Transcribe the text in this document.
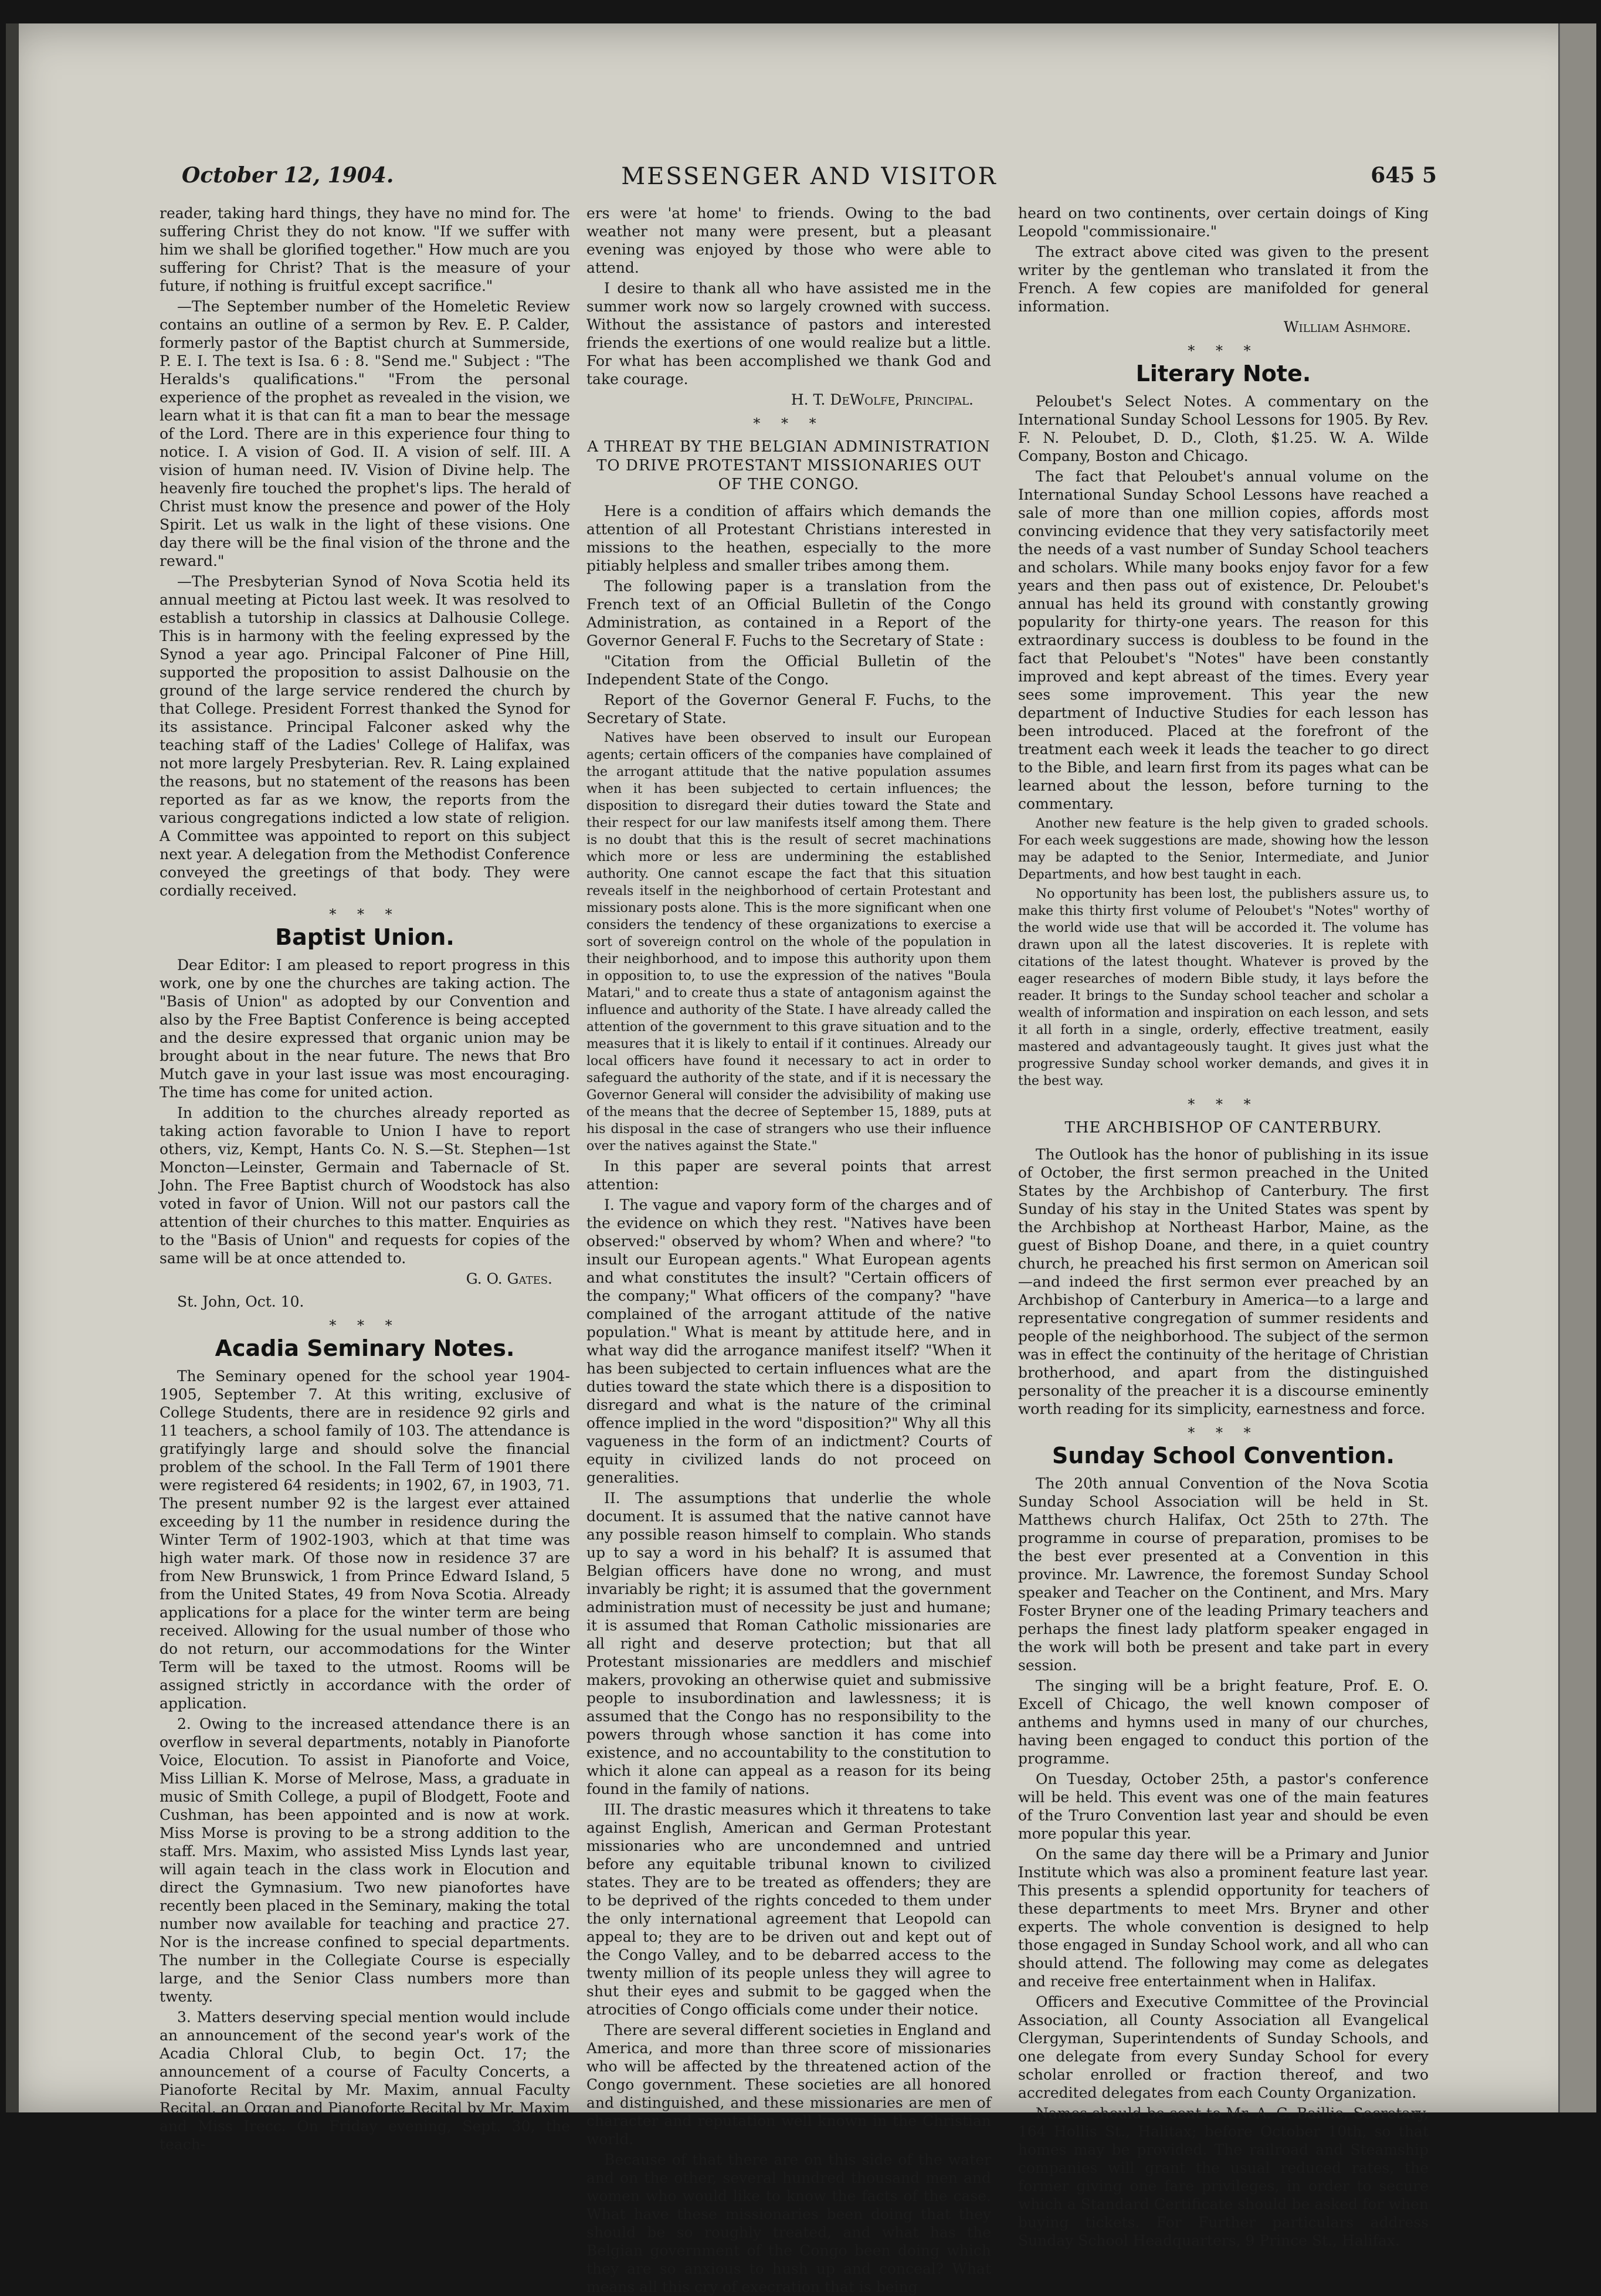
October 12, 1904.	MESSENGER AND VISITOR	645 5

reader, taking hard things, they have no mind for. The suffering Christ they do not know. "If we suffer with him we shall be glorified together." How much are you suffering for Christ? That is the measure of your future, if nothing is fruitful except sacrifice."

—The September number of the Homeletic Review contains an outline of a sermon by Rev. E. P. Calder, formerly pastor of the Baptist church at Summerside, P. E. I. The text is Isa. 6 : 8. "Send me." Subject : "The Heralds's qualifications." "From the personal experience of the prophet as revealed in the vision, we learn what it is that can fit a man to bear the message of the Lord. There are in this experience four thing to notice. I. A vision of God. II. A vision of self. III. A vision of human need. IV. Vision of Divine help. The heavenly fire touched the prophet's lips. The herald of Christ must know the presence and power of the Holy Spirit. Let us walk in the light of these visions. One day there will be the final vision of the throne and the reward."

—The Presbyterian Synod of Nova Scotia held its annual meeting at Pictou last week. It was resolved to establish a tutorship in classics at Dalhousie College. This is in harmony with the feeling expressed by the Synod a year ago. Principal Falconer of Pine Hill, supported the proposition to assist Dalhousie on the ground of the large service rendered the church by that College. President Forrest thanked the Synod for its assistance. Principal Falconer asked why the teaching staff of the Ladies' College of Halifax, was not more largely Presbyterian. Rev. R. Laing explained the reasons, but no statement of the reasons has been reported as far as we know, the reports from the various congregations indicted a low state of religion. A Committee was appointed to report on this subject next year. A delegation from the Methodist Conference conveyed the greetings of that body. They were cordially received.

* * *
Baptist Union.

Dear Editor: I am pleased to report progress in this work, one by one the churches are taking action. The "Basis of Union" as adopted by our Convention and also by the Free Baptist Conference is being accepted and the desire expressed that organic union may be brought about in the near future. The news that Bro Mutch gave in your last issue was most encouraging. The time has come for united action.

In addition to the churches already reported as taking action favorable to Union I have to report others, viz, Kempt, Hants Co. N. S.—St. Stephen—1st Moncton—Leinster, Germain and Tabernacle of St. John. The Free Baptist church of Woodstock has also voted in favor of Union. Will not our pastors call the attention of their churches to this matter. Enquiries as to the "Basis of Union" and requests for copies of the same will be at once attended to.

G. O. Gates.
St. John, Oct. 10.
* * *
Acadia Seminary Notes.

The Seminary opened for the school year 1904-1905, September 7. At this writing, exclusive of College Students, there are in residence 92 girls and 11 teachers, a school family of 103. The attendance is gratifyingly large and should solve the financial problem of the school. In the Fall Term of 1901 there were registered 64 residents; in 1902, 67, in 1903, 71. The present number 92 is the largest ever attained exceeding by 11 the number in residence during the Winter Term of 1902-1903, which at that time was high water mark. Of those now in residence 37 are from New Brunswick, 1 from Prince Edward Island, 5 from the United States, 49 from Nova Scotia. Already applications for a place for the winter term are being received. Allowing for the usual number of those who do not return, our accommodations for the Winter Term will be taxed to the utmost. Rooms will be assigned strictly in accordance with the order of application.

2. Owing to the increased attendance there is an overflow in several departments, notably in Pianoforte Voice, Elocution. To assist in Pianoforte and Voice, Miss Lillian K. Morse of Melrose, Mass, a graduate in music of Smith College, a pupil of Blodgett, Foote and Cushman, has been appointed and is now at work. Miss Morse is proving to be a strong addition to the staff. Mrs. Maxim, who assisted Miss Lynds last year, will again teach in the class work in Elocution and direct the Gymnasium. Two new pianofortes have recently been placed in the Seminary, making the total number now available for teaching and practice 27. Nor is the increase confined to special departments. The number in the Collegiate Course is especially large, and the Senior Class numbers more than twenty.

3. Matters deserving special mention would include an announcement of the second year's work of the Acadia Chloral Club, to begin Oct. 17; the announcement of a course of Faculty Concerts, a Pianoforte Recital by Mr. Maxim, annual Faculty Recital, an Organ and Pianoforte Recital by Mr. Maxim and Miss Irecc. On Friday evening, Sept. 30, the teach-

ers were 'at home' to friends. Owing to the bad weather not many were present, but a pleasant evening was enjoyed by those who were able to attend.

I desire to thank all who have assisted me in the summer work now so largely crowned with success. Without the assistance of pastors and interested friends the exertions of one would realize but a little. For what has been accomplished we thank God and take courage.

H. T. DeWolfe, Principal.
* * *
A THREAT BY THE BELGIAN ADMINISTRATION TO DRIVE PROTESTANT MISSIONARIES OUT OF THE CONGO.

Here is a condition of affairs which demands the attention of all Protestant Christians interested in missions to the heathen, especially to the more pitiably helpless and smaller tribes among them.

The following paper is a translation from the French text of an Official Bulletin of the Congo Administration, as contained in a Report of the Governor General F. Fuchs to the Secretary of State :

"Citation from the Official Bulletin of the Independent State of the Congo.

Report of the Governor General F. Fuchs, to the Secretary of State.

Natives have been observed to insult our European agents; certain officers of the companies have complained of the arrogant attitude that the native population assumes when it has been subjected to certain influences; the disposition to disregard their duties toward the State and their respect for our law manifests itself among them. There is no doubt that this is the result of secret machinations which more or less are undermining the established authority. One cannot escape the fact that this situation reveals itself in the neighborhood of certain Protestant and missionary posts alone. This is the more significant when one considers the tendency of these organizations to exercise a sort of sovereign control on the whole of the population in their neighborhood, and to impose this authority upon them in opposition to, to use the expression of the natives "Boula Matari," and to create thus a state of antagonism against the influence and authority of the State. I have already called the attention of the government to this grave situation and to the measures that it is likely to entail if it continues. Already our local officers have found it necessary to act in order to safeguard the authority of the state, and if it is necessary the Governor General will consider the advisibility of making use of the means that the decree of September 15, 1889, puts at his disposal in the case of strangers who use their influence over the natives against the State."

In this paper are several points that arrest attention:

I. The vague and vapory form of the charges and of the evidence on which they rest. "Natives have been observed:" observed by whom? When and where? "to insult our European agents." What European agents and what constitutes the insult? "Certain officers of the company;" What officers of the company? "have complained of the arrogant attitude of the native population." What is meant by attitude here, and in what way did the arrogance manifest itself? "When it has been subjected to certain influences what are the duties toward the state which there is a disposition to disregard and what is the nature of the criminal offence implied in the word "disposition?" Why all this vagueness in the form of an indictment? Courts of equity in civilized lands do not proceed on generalities.

II. The assumptions that underlie the whole document. It is assumed that the native cannot have any possible reason himself to complain. Who stands up to say a word in his behalf? It is assumed that Belgian officers have done no wrong, and must invariably be right; it is assumed that the government administration must of necessity be just and humane; it is assumed that Roman Catholic missionaries are all right and deserve protection; but that all Protestant missionaries are meddlers and mischief makers, provoking an otherwise quiet and submissive people to insubordination and lawlessness; it is assumed that the Congo has no responsibility to the powers through whose sanction it has come into existence, and no accountability to the constitution to which it alone can appeal as a reason for its being found in the family of nations.

III. The drastic measures which it threatens to take against English, American and German Protestant missionaries who are uncondemned and untried before any equitable tribunal known to civilized states. They are to be treated as offenders; they are to be deprived of the rights conceded to them under the only international agreement that Leopold can appeal to; they are to be driven out and kept out of the Congo Valley, and to be debarred access to the twenty million of its people unless they will agree to shut their eyes and submit to be gagged when the atrocities of Congo officials come under their notice.

There are several different societies in England and America, and more than three score of missionaries who will be affected by the threatened action of the Congo government. These societies are all honored and distinguished, and these missionaries are men of character and reputation well known in the Christian world.

Because of that there are on this side of the water and on the other, several hundred thousand men and women who would like to know the facts of the case. What have these missionaries been doing that they should be so roughly treated, and what has the Belgian government of the Congo been doing which they are so anxious to hush up and conceal? What means all this cry of execration that is being

heard on two continents, over certain doings of King Leopold "commissionaire."

The extract above cited was given to the present writer by the gentleman who translated it from the French. A few copies are manifolded for general information.

William Ashmore.
* * *
Literary Note.

Peloubet's Select Notes. A commentary on the International Sunday School Lessons for 1905. By Rev. F. N. Peloubet, D. D., Cloth, $1.25. W. A. Wilde Company, Boston and Chicago.

The fact that Peloubet's annual volume on the International Sunday School Lessons have reached a sale of more than one million copies, affords most convincing evidence that they very satisfactorily meet the needs of a vast number of Sunday School teachers and scholars. While many books enjoy favor for a few years and then pass out of existence, Dr. Peloubet's annual has held its ground with constantly growing popularity for thirty-one years. The reason for this extraordinary success is doubless to be found in the fact that Peloubet's "Notes" have been constantly improved and kept abreast of the times. Every year sees some improvement. This year the new department of Inductive Studies for each lesson has been introduced. Placed at the forefront of the treatment each week it leads the teacher to go direct to the Bible, and learn first from its pages what can be learned about the lesson, before turning to the commentary.

Another new feature is the help given to graded schools. For each week suggestions are made, showing how the lesson may be adapted to the Senior, Intermediate, and Junior Departments, and how best taught in each.

No opportunity has been lost, the publishers assure us, to make this thirty first volume of Peloubet's "Notes" worthy of the world wide use that will be accorded it. The volume has drawn upon all the latest discoveries. It is replete with citations of the latest thought. Whatever is proved by the eager researches of modern Bible study, it lays before the reader. It brings to the Sunday school teacher and scholar a wealth of information and inspiration on each lesson, and sets it all forth in a single, orderly, effective treatment, easily mastered and advantageously taught. It gives just what the progressive Sunday school worker demands, and gives it in the best way.

* * *
THE ARCHBISHOP OF CANTERBURY.

The Outlook has the honor of publishing in its issue of October, the first sermon preached in the United States by the Archbishop of Canterbury. The first Sunday of his stay in the United States was spent by the Archbishop at Northeast Harbor, Maine, as the guest of Bishop Doane, and there, in a quiet country church, he preached his first sermon on American soil—and indeed the first sermon ever preached by an Archbishop of Canterbury in America—to a large and representative congregation of summer residents and people of the neighborhood. The subject of the sermon was in effect the continuity of the heritage of Christian brotherhood, and apart from the distinguished personality of the preacher it is a discourse eminently worth reading for its simplicity, earnestness and force.

* * *
Sunday School Convention.

The 20th annual Convention of the Nova Scotia Sunday School Association will be held in St. Matthews church Halifax, Oct 25th to 27th. The programme in course of preparation, promises to be the best ever presented at a Convention in this province. Mr. Lawrence, the foremost Sunday School speaker and Teacher on the Continent, and Mrs. Mary Foster Bryner one of the leading Primary teachers and perhaps the finest lady platform speaker engaged in the work will both be present and take part in every session.

The singing will be a bright feature, Prof. E. O. Excell of Chicago, the well known composer of anthems and hymns used in many of our churches, having been engaged to conduct this portion of the programme.

On Tuesday, October 25th, a pastor's conference will be held. This event was one of the main features of the Truro Convention last year and should be even more popular this year.

On the same day there will be a Primary and Junior Institute which was also a prominent feature last year. This presents a splendid opportunity for teachers of these departments to meet Mrs. Bryner and other experts. The whole convention is designed to help those engaged in Sunday School work, and all who can should attend. The following may come as delegates and receive free entertainment when in Halifax.

Officers and Executive Committee of the Provincial Association, all County Association all Evangelical Clergyman, Superintendents of Sunday Schools, and one delegate from every Sunday School for every scholar enrolled or fraction thereof, and two accredited delegates from each County Organization.

Names should be sent to Mr. A. C. Baillie, Secretary, 164 Hollis St., Halitax; before October 10th, so that homes may be provided. The railroad and Steamship companies will grant the usual reduced rates, the former giving one fare privileges, in order to secure which a Standard Certificate should be asked for when buying tickets. For Further particulars address Sunday School Headquarters, 9 Prince St., Halifax.
